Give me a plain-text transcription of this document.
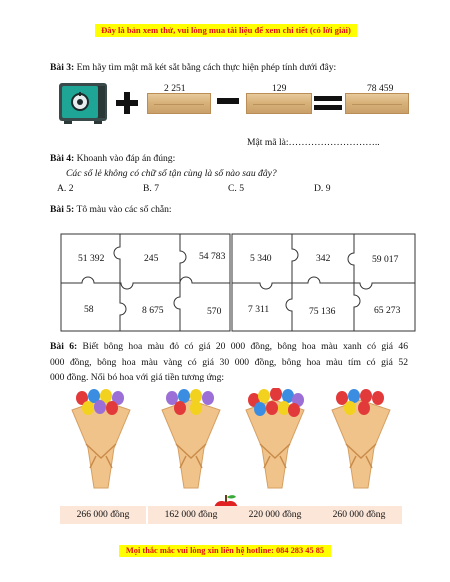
Đây là bản xem thử, vui lòng mua tài liệu để xem chi tiết (có lời giải)
Bài 3: Em hãy tìm mật mã két sắt bằng cách thực hiện phép tính dưới đây:
2 251	129	78 459
Mật mã là:………………………..
Bài 4: Khoanh vào đáp án đúng:
Các số lẻ không có chữ số tận cùng là số nào sau đây?
A. 2	B. 7	C. 5	D. 9
Bài 5: Tô màu vào các số chẵn:
51 392	245	54 783
58	8 675	570
5 340	342	59 017
7 311	75 136	65 273
Bài 6: Biết bông hoa màu đỏ có giá 20 000 đồng, bông hoa màu xanh có giá 46
000 đồng, bông hoa màu vàng có giá 30 000 đồng, bông hoa màu tím có giá 52
000 đồng. Nối bó hoa với giá tiền tương ứng:
266 000 đồng	162 000 đồng	220 000 đồng	260 000 đồng
Mọi thắc mắc vui lòng xin liên hệ hotline: 084 283 45 85
